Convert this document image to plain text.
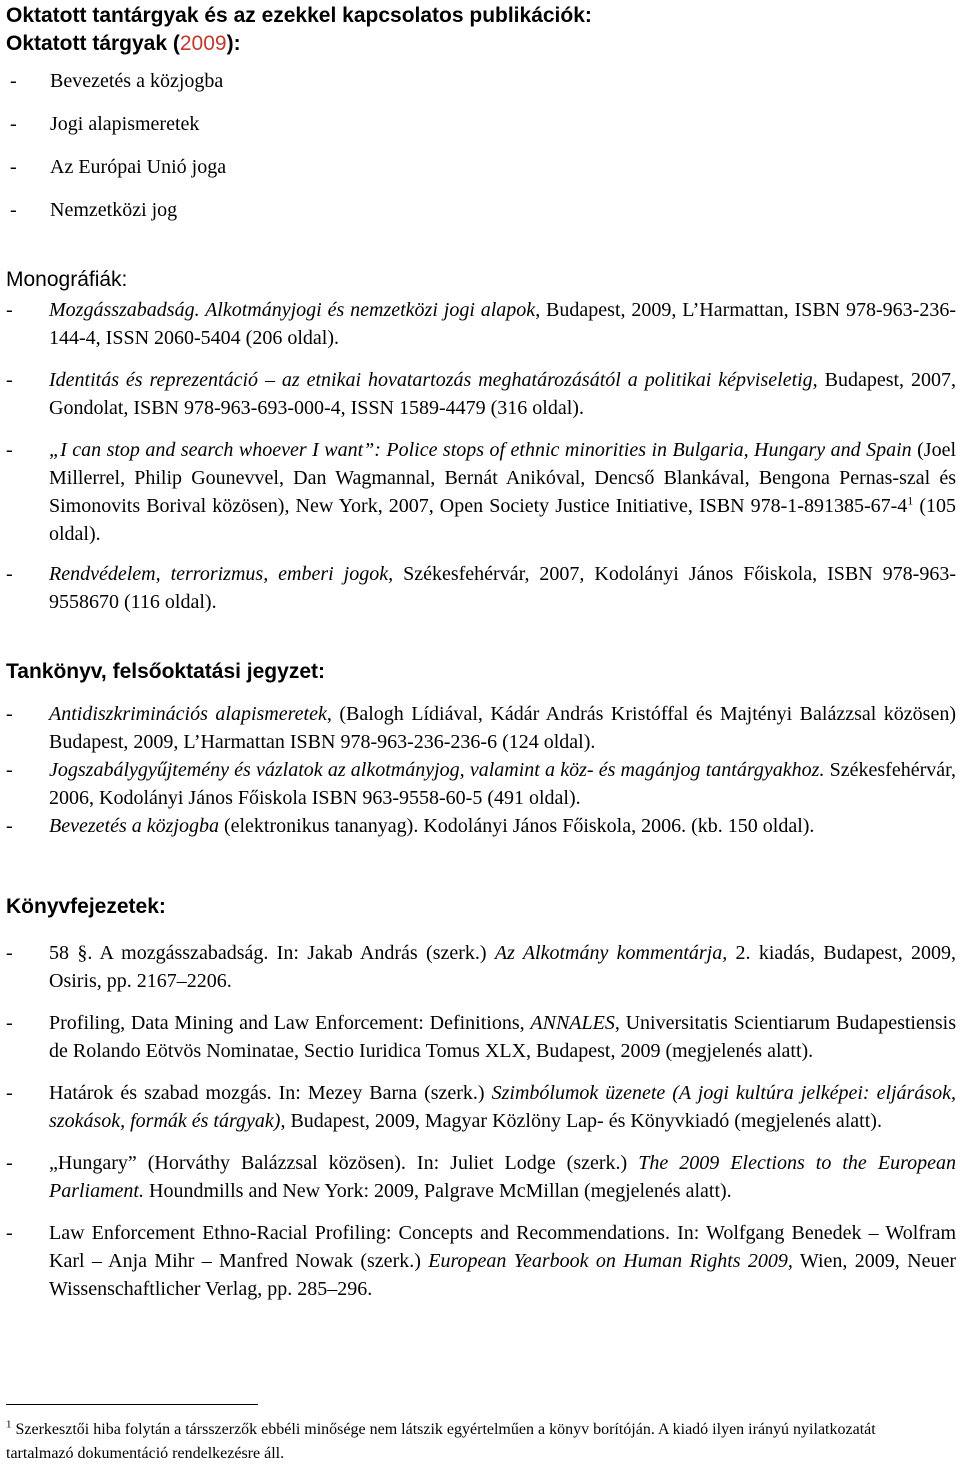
Oktatott tantárgyak és az ezekkel kapcsolatos publikációk:
Oktatott tárgyak (2009):
-	Bevezetés a közjogba
-	Jogi alapismeretek
-	Az Európai Unió joga
-	Nemzetközi jog
Monográfiák:
- Mozgásszabadság. Alkotmányjogi és nemzetközi jogi alapok, Budapest, 2009, L’Harmattan, ISBN 978-963-236-144-4, ISSN 2060-5404 (206 oldal).
- Identitás és reprezentáció – az etnikai hovatartozás meghatározásától a politikai képviseletig, Budapest, 2007, Gondolat, ISBN 978-963-693-000-4, ISSN 1589-4479 (316 oldal).
- „I can stop and search whoever I want”: Police stops of ethnic minorities in Bulgaria, Hungary and Spain (Joel Millerrel, Philip Gounevvel, Dan Wagmannal, Bernát Anikóval, Dencső Blankával, Bengona Pernas-szal és Simonovits Borival közösen), New York, 2007, Open Society Justice Initiative, ISBN $978-1-891385-67-4^1$ (105 oldal).
- Rendvédelem, terrorizmus, emberi jogok, Székesfehérvár, 2007, Kodolányi János Főiskola, ISBN 978-963-9558670 (116 oldal).
Tankönyv, felsőoktatási jegyzet:
- Antidiszkriminációs alapismeretek, (Balogh Lídiával, Kádár András Kristóffal és Majtényi Balázzsal közösen) Budapest, 2009, L’Harmattan ISBN 978-963-236-236-6 (124 oldal).
- Jogszabálygyűjtemény és vázlatok az alkotmányjog, valamint a köz- és magánjog tantárgyakhoz. Székesfehérvár, 2006, Kodolányi János Főiskola ISBN 963-9558-60-5 (491 oldal).
- Bevezetés a közjogba (elektronikus tananyag). Kodolányi János Főiskola, 2006. (kb. 150 oldal).
Könyvfejezetek:
- 58 §. A mozgásszabadság. In: Jakab András (szerk.) Az Alkotmány kommentárja, 2. kiadás, Budapest, 2009, Osiris, pp. 2167–2206.
- Profiling, Data Mining and Law Enforcement: Definitions, ANNALES, Universitatis Scientiarum Budapestiensis de Rolando Eötvös Nominatae, Sectio Iuridica Tomus XLX, Budapest, 2009 (megjelenés alatt).
- Határok és szabad mozgás. In: Mezey Barna (szerk.) Szimbólumok üzenete (A jogi kultúra jelképei: eljárások, szokások, formák és tárgyak), Budapest, 2009, Magyar Közlöny Lap- és Könyvkiadó (megjelenés alatt).
- „Hungary” (Horváthy Balázzsal közösen). In: Juliet Lodge (szerk.) The 2009 Elections to the European Parliament. Houndmills and New York: 2009, Palgrave McMillan (megjelenés alatt).
- Law Enforcement Ethno-Racial Profiling: Concepts and Recommendations. In: Wolfgang Benedek – Wolfram Karl – Anja Mihr – Manfred Nowak (szerk.) European Yearbook on Human Rights 2009, Wien, 2009, Neuer Wissenschaftlicher Verlag, pp. 285–296.
$^1$ Szerkesztői hiba folytán a társszerzők ebbéli minősége nem látszik egyértelműen a könyv borítóján. A kiadó ilyen irányú nyilatkozatát tartalmazó dokumentáció rendelkezésre áll.
